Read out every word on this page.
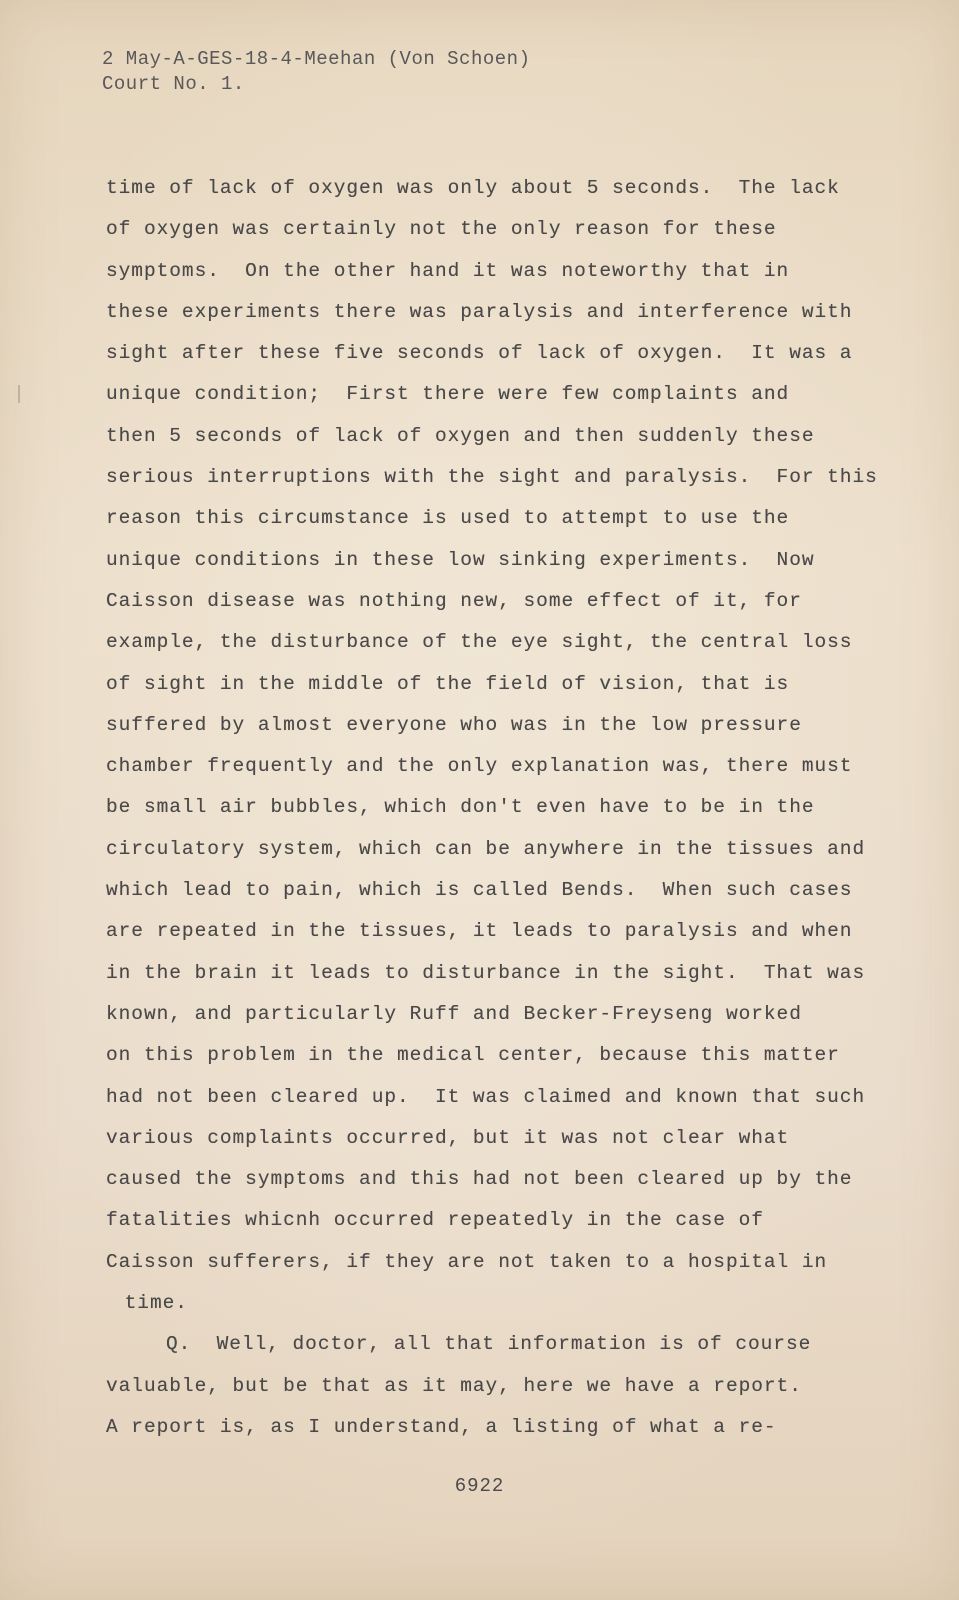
2 May-A-GES-18-4-Meehan (Von Schoen)
Court No. 1.
time of lack of oxygen was only about 5 seconds.  The lack
of oxygen was certainly not the only reason for these
symptoms.  On the other hand it was noteworthy that in
these experiments there was paralysis and interference with
sight after these five seconds of lack of oxygen.  It was a
unique condition;  First there were few complaints and
then 5 seconds of lack of oxygen and then suddenly these
serious interruptions with the sight and paralysis.  For this
reason this circumstance is used to attempt to use the
unique conditions in these low sinking experiments.  Now
Caisson disease was nothing new, some effect of it, for
example, the disturbance of the eye sight, the central loss
of sight in the middle of the field of vision, that is
suffered by almost everyone who was in the low pressure
chamber frequently and the only explanation was, there must
be small air bubbles, which don't even have to be in the
circulatory system, which can be anywhere in the tissues and
which lead to pain, which is called Bends.  When such cases
are repeated in the tissues, it leads to paralysis and when
in the brain it leads to disturbance in the sight.  That was
known, and particularly Ruff and Becker-Freyseng worked
on this problem in the medical center, because this matter
had not been cleared up.  It was claimed and known that such
various complaints occurred, but it was not clear what
caused the symptoms and this had not been cleared up by the
fatalities whicnh occurred repeatedly in the case of
Caisson sufferers, if they are not taken to a hospital in
time.
Q.  Well, doctor, all that information is of course
valuable, but be that as it may, here we have a report.
A report is, as I understand, a listing of what a re-
6922
